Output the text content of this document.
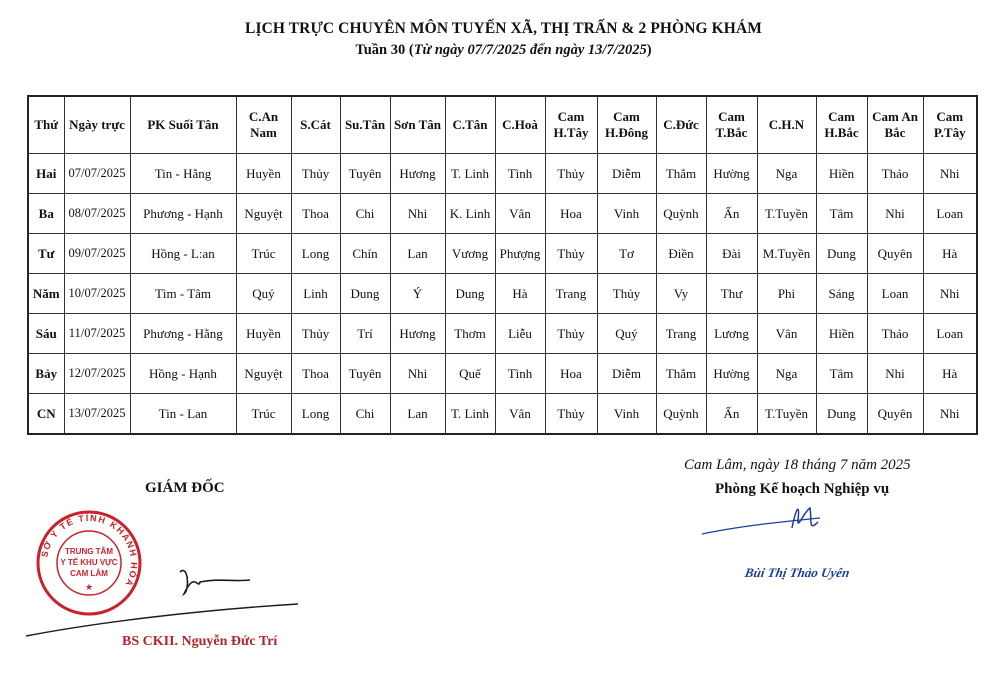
LỊCH TRỰC CHUYÊN MÔN TUYẾN XÃ, THỊ TRẤN & 2 PHÒNG KHÁM
Tuần 30 (Từ ngày 07/7/2025 đến ngày 13/7/2025)
Thứ	Ngày trực	PK Suối Tân	C.An Nam	S.Cát	Su.Tân	Sơn Tân	C.Tân	C.Hoà	Cam H.Tây	Cam H.Đông	C.Đức	Cam T.Bắc	C.H.N	Cam H.Bắc	Cam An Bắc	Cam P.Tây
Hai	07/07/2025	Tin - Hằng	Huyền	Thủy	Tuyên	Hương	T. Linh	Tình	Thủy	Diễm	Thắm	Hường	Nga	Hiền	Thảo	Nhi
Ba	08/07/2025	Phương - Hạnh	Nguyệt	Thoa	Chi	Nhi	K. Linh	Vân	Hoa	Vinh	Quỳnh	Ẩn	T.Tuyền	Tâm	Nhi	Loan
Tư	09/07/2025	Hồng - L:an	Trúc	Long	Chín	Lan	Vương	Phượng	Thủy	Tơ	Điền	Đài	M.Tuyền	Dung	Quyên	Hà
Năm	10/07/2025	Tìm - Tâm	Quý	Linh	Dung	Ý	Dung	Hà	Trang	Thủy	Vy	Thư	Phi	Sáng	Loan	Nhi
Sáu	11/07/2025	Phương - Hằng	Huyền	Thủy	Trí	Hương	Thơm	Liễu	Thủy	Quý	Trang	Lương	Vân	Hiền	Thảo	Loan
Bảy	12/07/2025	Hồng - Hạnh	Nguyệt	Thoa	Tuyên	Nhi	Quế	Tình	Hoa	Diễm	Thắm	Hường	Nga	Tâm	Nhi	Hà
CN	13/07/2025	Tin - Lan	Trúc	Long	Chi	Lan	T. Linh	Vân	Thủy	Vinh	Quỳnh	Ẩn	T.Tuyền	Dung	Quyên	Nhi
Cam Lâm, ngày 18 tháng 7 năm 2025
Phòng Kế hoạch Nghiệp vụ
GIÁM ĐỐC
SỞ Y TẾ TỈNH KHÁNH HÒA
TRUNG TÂM
Y TẾ KHU VỰC
CAM LÂM
★
BS CKII. Nguyễn Đức Trí
Bùi Thị Thảo Uyên
